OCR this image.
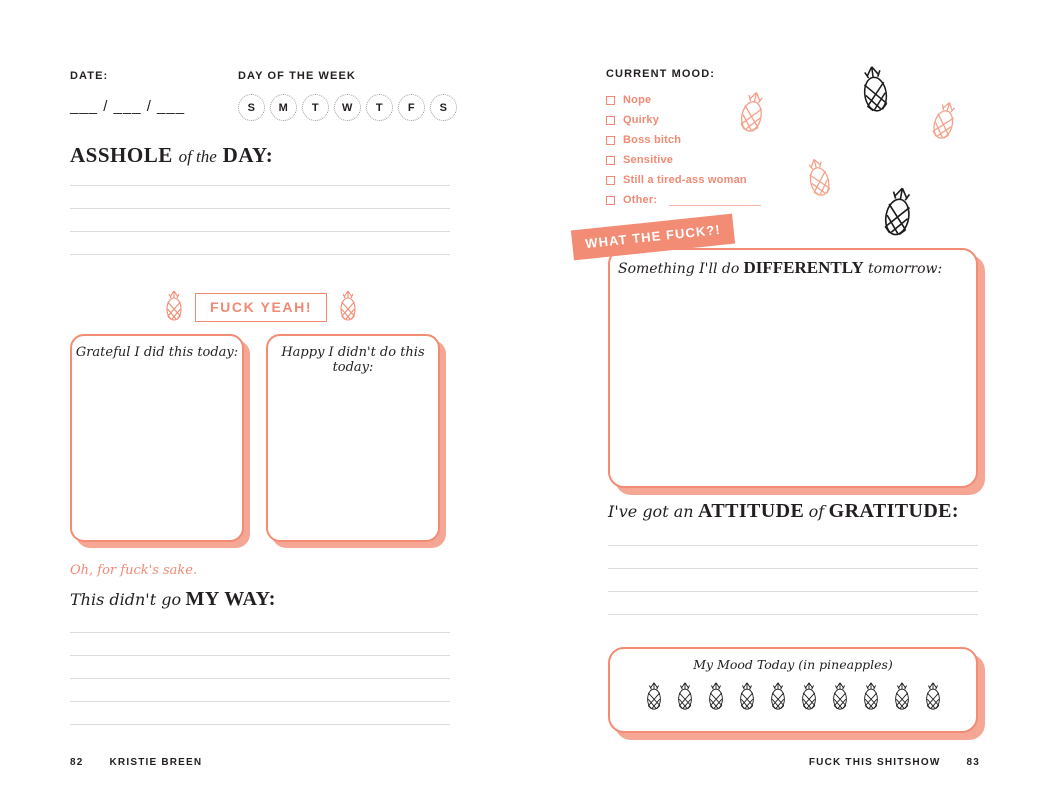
DATE:
___ / ___ / ___
DAY OF THE WEEK
S	M	T	W	T	F	S
ASSHOLE of the DAY:
FUCK YEAH!
Grateful I did this today:	Happy I didn't do this today:
Oh, for fuck's sake.
This didn't go MY WAY:
82	KRISTIE BREEN
CURRENT MOOD:
Nope
Quirky
Boss bitch
Sensitive
Still a tired-ass woman
Other:
WHAT THE FUCK?!
Something I'll do DIFFERENTLY tomorrow:
I've got an ATTITUDE of GRATITUDE:
My Mood Today (in pineapples)
FUCK THIS SHITSHOW	83
